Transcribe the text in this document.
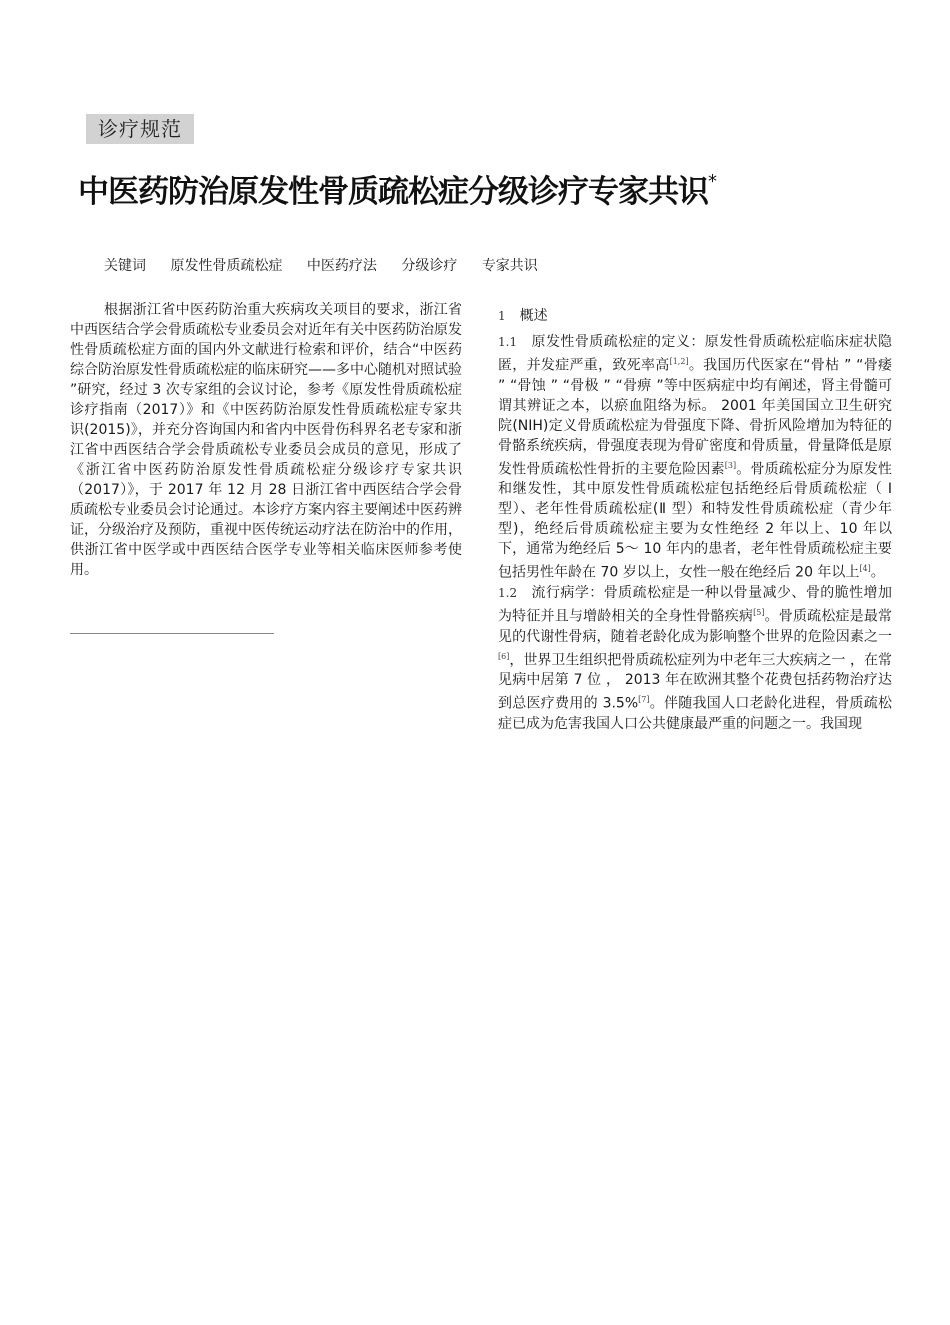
诊疗规范
中医药防治原发性骨质疏松症分级诊疗专家共识*
关键词 原发性骨质疏松症 中医药疗法 分级诊疗 专家共识

根据浙江省中医药防治重大疾病攻关项目的要求，浙江省中西医结合学会骨质疏松专业委员会对近年有关中医药防治原发性骨质疏松症方面的国内外文献进行检索和评价，结合“中医药综合防治原发性骨质疏松症的临床研究——多中心随机对照试验 ”研究，经过 3 次专家组的会议讨论，参考《原发性骨质疏松症诊疗指南（2017）》和《中医药防治原发性骨质疏松症专家共识(2015)》，并充分咨询国内和省内中医骨伤科界名老专家和浙江省中西医结合学会骨质疏松专业委员会成员的意见，形成了《浙江省中医药防治原发性骨质疏松症分级诊疗专家共识（2017）》，于 2017 年 12 月 28 日浙江省中西医结合学会骨质疏松专业委员会讨论通过。本诊疗方案内容主要阐述中医药辨证，分级治疗及预防，重视中医传统运动疗法在防治中的作用，供浙江省中医学或中西医结合医学专业等相关临床医师参考使用。

1 概述

1.1 原发性骨质疏松症的定义：原发性骨质疏松症临床症状隐匿，并发症严重，致死率高[1,2]。我国历代医家在“骨枯 ” “骨痿 ” “骨蚀 ” “骨极 ” “骨痹 ”等中医病症中均有阐述，肾主骨髓可谓其辨证之本，以瘀血阻络为标。 2001 年美国国立卫生研究院(NIH)定义骨质疏松症为骨强度下降、骨折风险增加为特征的骨骼系统疾病，骨强度表现为骨矿密度和骨质量，骨量降低是原发性骨质疏松性骨折的主要危险因素[3]。骨质疏松症分为原发性和继发性，其中原发性骨质疏松症包括绝经后骨质疏松症（ Ⅰ 型）、老年性骨质疏松症(Ⅱ 型）和特发性骨质疏松症（青少年型)，绝经后骨质疏松症主要为女性绝经 2 年以上、10 年以下，通常为绝经后 5～ 10 年内的患者，老年性骨质疏松症主要包括男性年龄在 70 岁以上，女性一般在绝经后 20 年以上[4]。

1.2 流行病学：骨质疏松症是一种以骨量减少、骨的脆性增加为特征并且与增龄相关的全身性骨骼疾病[5]。骨质疏松症是最常见的代谢性骨病，随着老龄化成为影响整个世界的危险因素之一[6]，世界卫生组织把骨质疏松症列为中老年三大疾病之一 ，在常见病中居第 7 位 ， 2013 年在欧洲其整个花费包括药物治疗达到总医疗费用的 3.5%[7]。伴随我国人口老龄化进程，骨质疏松症已成为危害我国人口公共健康最严重的问题之一。我国现
